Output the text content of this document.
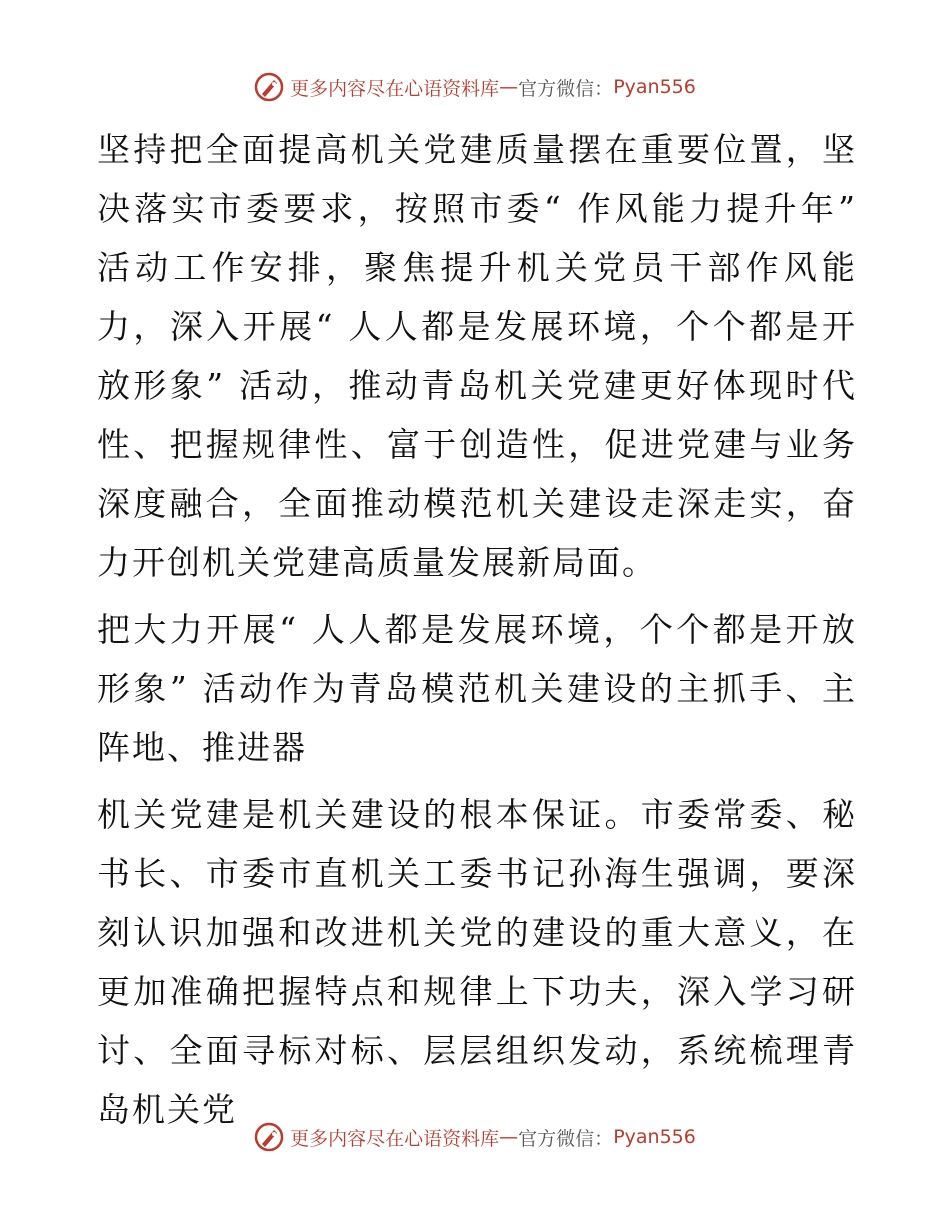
更多内容尽在心语资料库 — 官方微信： Pyan556

坚持把全面提高机关党建质量摆在重要位置，坚决落实市委要求，按照市委“ 作风能力提升年” 活动工作安排，聚焦提升机关党员干部作风能力，深入开展“ 人人都是发展环境，个个都是开放形象” 活动，推动青岛机关党建更好体现时代性、把握规律性、富于创造性，促进党建与业务深度融合，全面推动模范机关建设走深走实，奋力开创机关党建高质量发展新局面。

把大力开展“ 人人都是发展环境，个个都是开放形象” 活动作为青岛模范机关建设的主抓手、主阵地、推进器

机关党建是机关建设的根本保证。市委常委、秘书长、市委市直机关工委书记孙海生强调，要深刻认识加强和改进机关党的建设的重大意义，在更加准确把握特点和规律上下功夫，深入学习研讨、全面寻标对标、层层组织发动，系统梳理青岛机关党

更多内容尽在心语资料库 — 官方微信： Pyan556
